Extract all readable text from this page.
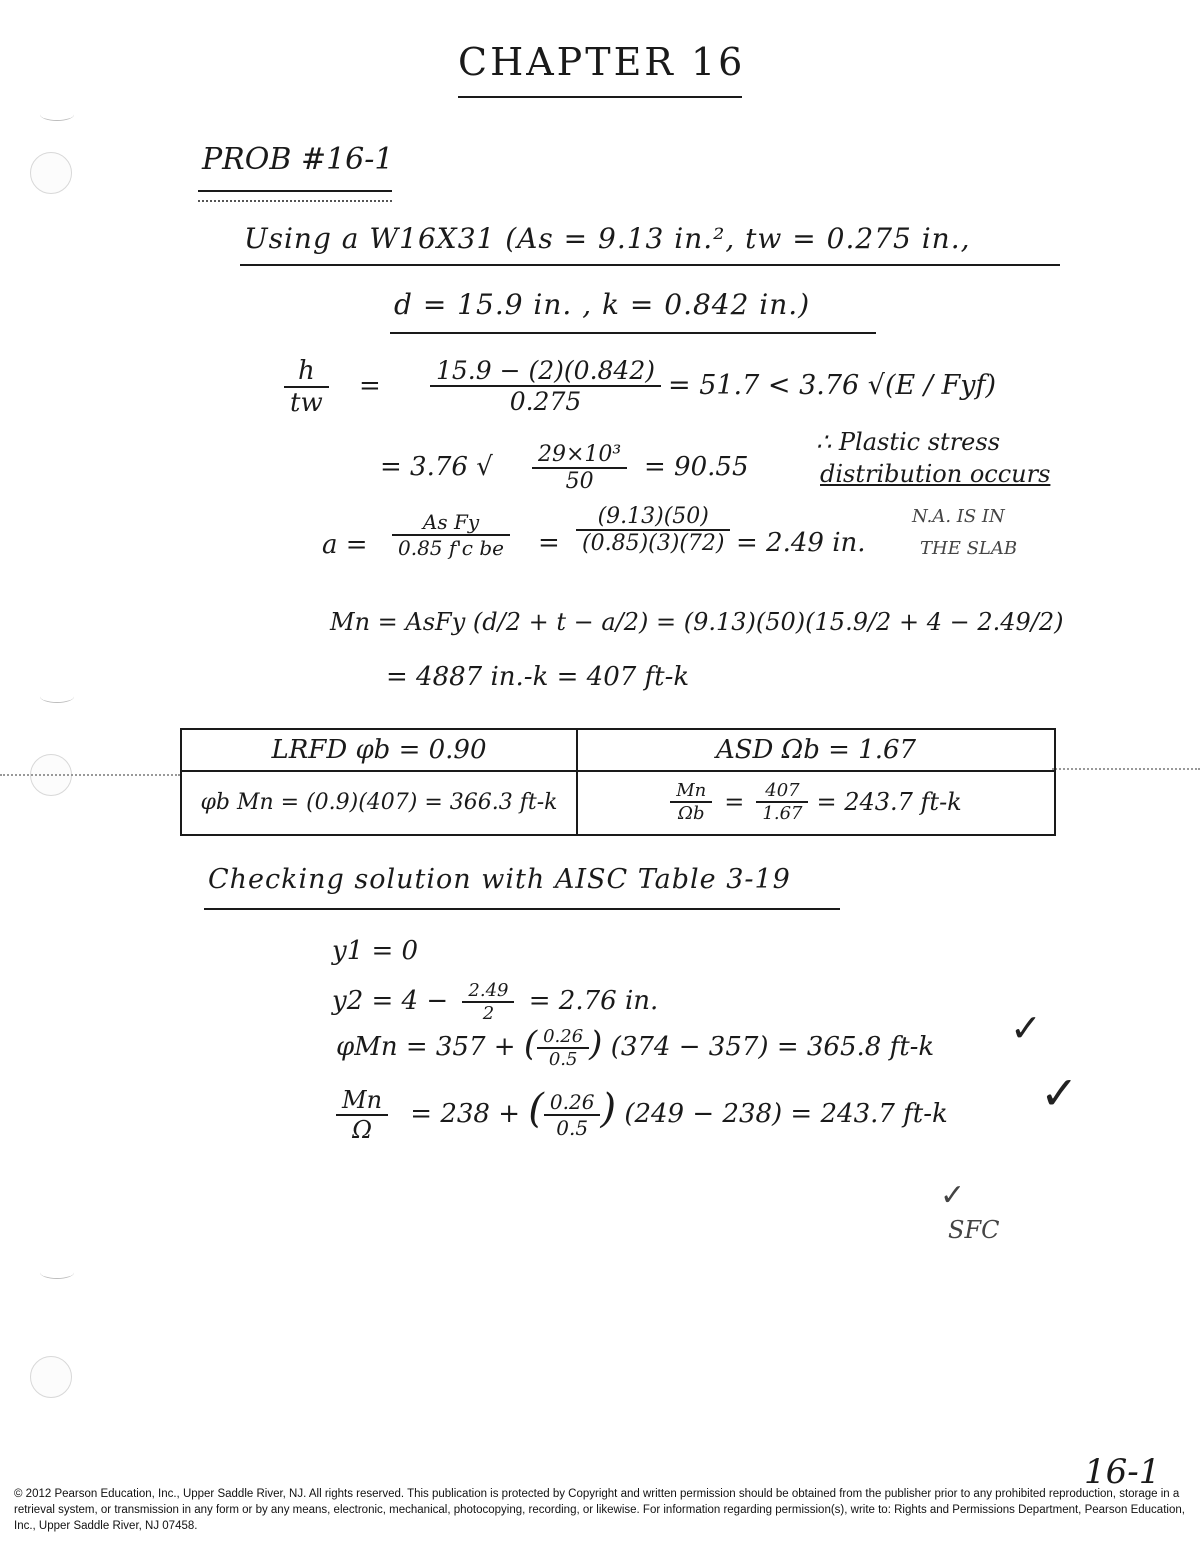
CHAPTER 16
PROB #16-1
Using a W16X31 (As = 9.13 in.², tw = 0.275 in.,
d = 15.9 in. , k = 0.842 in.)
$\frac{h}{tw} = \frac{15.9 - (2)(0.842)}{0.275} = 51.7 < 3.76$ √(E / Fyf)
= 3.76 √ $\frac{\text{29×10³}}{50} = 90.55$
∴ Plastic stress
distribution occurs
$a = \frac{\text{As Fy}}{\text{0.85 f'c be}} = \frac{(9.13)(50)}{(0.85)(3)(72)} = 2.49$ in.
N.A. IS IN
THE SLAB
Mn = AsFy (d/2 + t − a/2) = (9.13)(50)(15.9/2 + 4 − 2.49/2)
= 4887 in.-k = 407 ft-k
LRFD φb = 0.90	ASD Ωb = 1.67
φb Mn = (0.9)(407) = 366.3 ft-k	$\frac{Mn}{\Omega b} = \frac{407}{1.67} = 243.7$ ft-k
Checking solution with AISC Table 3-19
y1 = 0
$y2 = 4 - \frac{2.49}{2} = 2.76$ in.
φMn = 357 + ( $\frac{0.26}{0.5}$ ) (374 − 357) = 365.8 ft-k ✓
$\frac{Mn}{\Omega} = 238$ + ( $\frac{0.26}{0.5}$ ) (249 − 238) = 243.7 ft-k ✓
✓
SFC
16-1
© 2012 Pearson Education, Inc., Upper Saddle River, NJ. All rights reserved. This publication is protected by Copyright and written permission should be obtained from the publisher prior to any prohibited reproduction, storage in a retrieval system, or transmission in any form or by any means, electronic, mechanical, photocopying, recording, or likewise. For information regarding permission(s), write to: Rights and Permissions Department, Pearson Education, Inc., Upper Saddle River, NJ 07458.
